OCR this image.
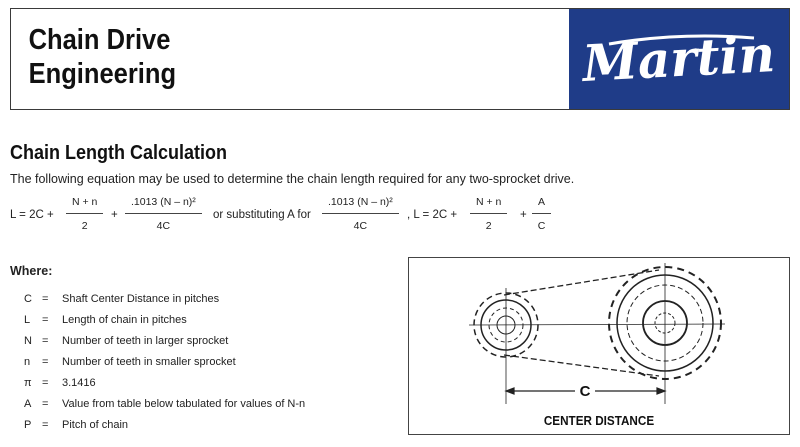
Chain Drive
Engineering	Martin
Chain Length Calculation
The following equation may be used to determine the chain length required for any two-sprocket drive.
$L = 2C + \frac{N + n}{2} + \frac{\text{.1013 (N – n)²}}{4C}$ or substituting A for $\frac{\text{.1013 (N – n)²}}{4C}$ , $L = 2C + \frac{N + n}{2} + \frac{A}{C}$
Where:
C =	Shaft Center Distance in pitches
L	=	Length of chain in pitches
N =	Number of teeth in larger sprocket
n	=	Number of teeth in smaller sprocket
π =	3.1416
A =	Value from table below tabulated for values of N-n
P =	Pitch of chain
C
CENTER DISTANCE
